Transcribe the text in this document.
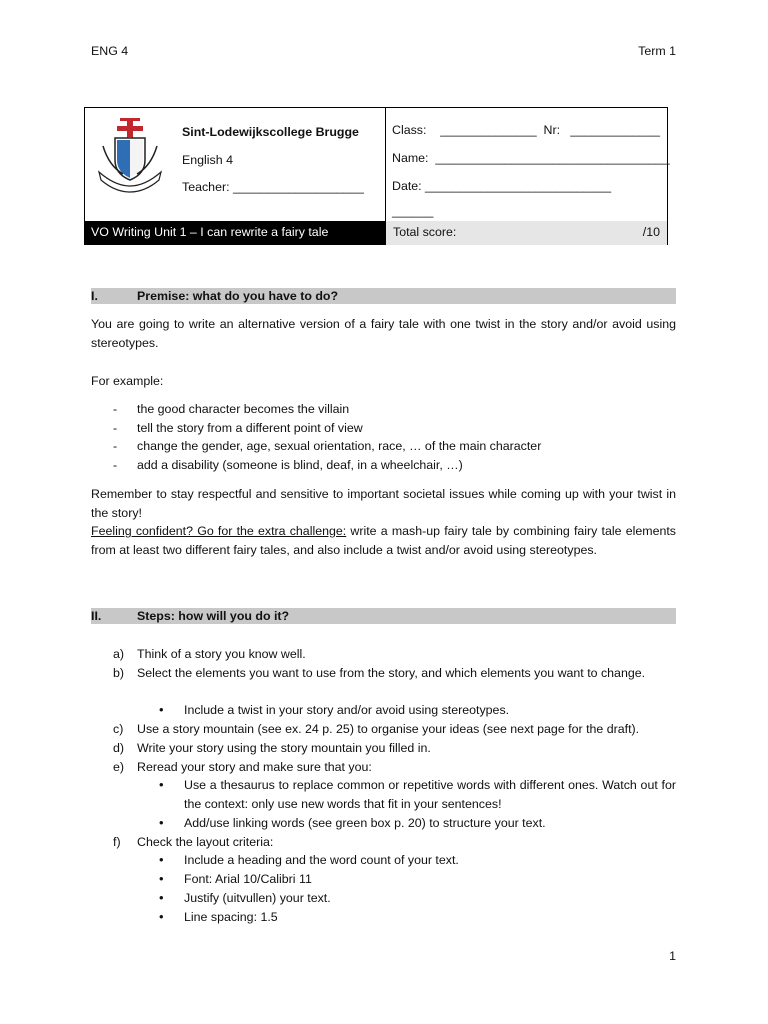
ENG 4	Term 1
Sint-Lodewijkscollege Brugge
English 4
Teacher: ___________________
Class:    ______________  Nr:   _____________
Name:  __________________________________
Date: ___________________________
______
VO Writing Unit 1 – I can rewrite a fairy tale	Total score:	/10
I.	Premise: what do you have to do?
You are going to write an alternative version of a fairy tale with one twist in the story and/or avoid using stereotypes.
For example:
- the good character becomes the villain
- tell the story from a different point of view
- change the gender, age, sexual orientation, race, … of the main character
- add a disability (someone is blind, deaf, in a wheelchair, …)
Remember to stay respectful and sensitive to important societal issues while coming up with your twist in the story!
Feeling confident? Go for the extra challenge: write a mash-up fairy tale by combining fairy tale elements from at least two different fairy tales, and also include a twist and/or avoid using stereotypes.
II.	Steps: how will you do it?
a) Think of a story you know well.
b) Select the elements you want to use from the story, and which elements you want to change.
• Include a twist in your story and/or avoid using stereotypes.
c) Use a story mountain (see ex. 24 p. 25) to organise your ideas (see next page for the draft).
d) Write your story using the story mountain you filled in.
e) Reread your story and make sure that you:
• Use a thesaurus to replace common or repetitive words with different ones. Watch out for the context: only use new words that fit in your sentences!
• Add/use linking words (see green box p. 20) to structure your text.
f) Check the layout criteria:
• Include a heading and the word count of your text.
• Font: Arial 10/Calibri 11
• Justify (uitvullen) your text.
• Line spacing: 1.5
1
